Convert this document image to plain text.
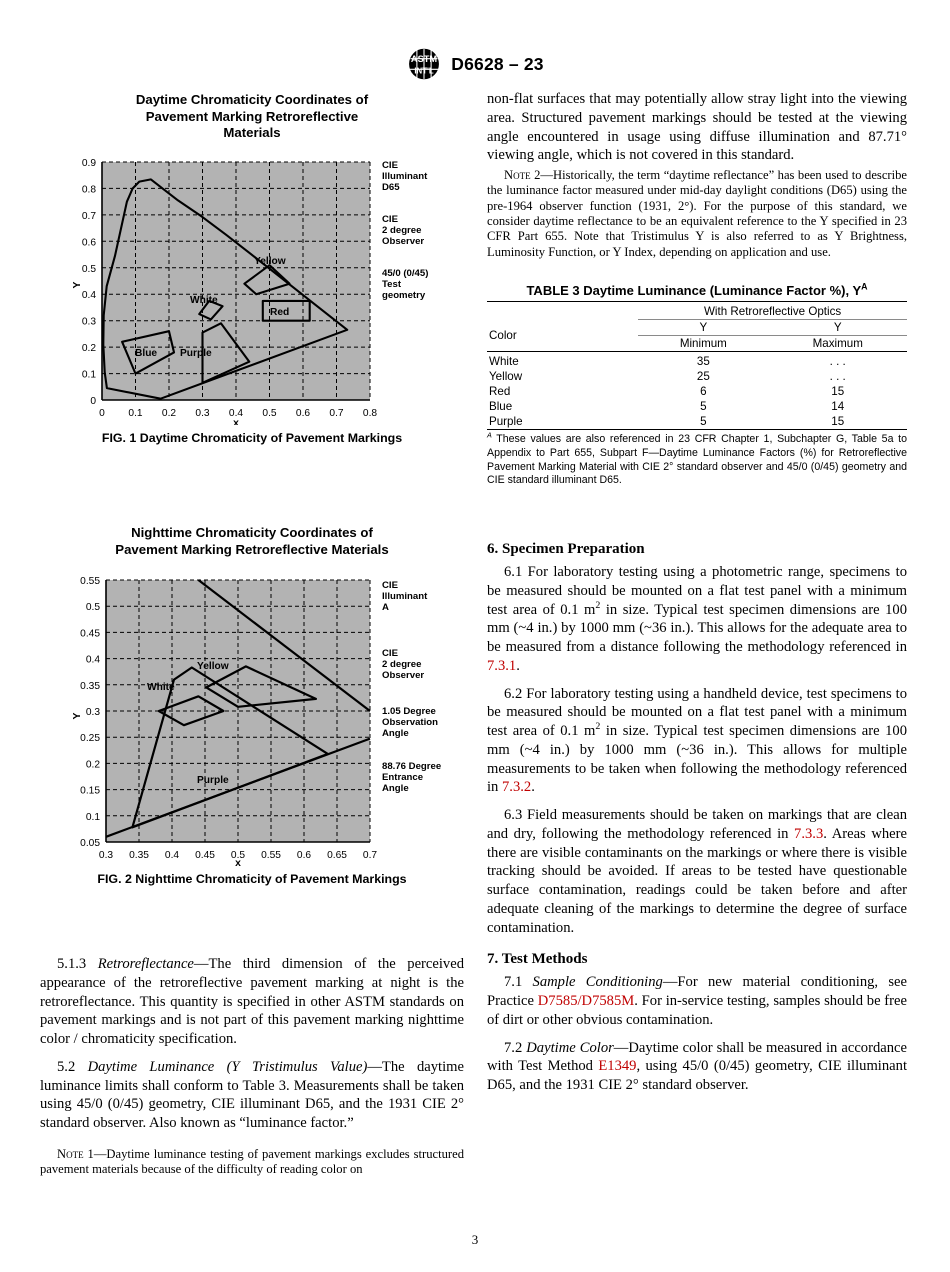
ASTM
INT'L D6628 – 23
Daytime Chromaticity Coordinates of
Pavement Marking Retroreflective
Materials
Yellow
White
Red
Blue Purple
0.9
0.8
0.7
0.6
0.5
0.4
0.3
0.2
0.1
0
0 0.1 0.2 0.3 0.4 0.5 0.6 0.7 0.8
Y
x
CIE
Illuminant
D65
CIE
2 degree
Observer
45/0 (0/45)
Test
geometry
FIG. 1 Daytime Chromaticity of Pavement Markings
Nighttime Chromaticity Coordinates of
Pavement Marking Retroreflective Materials
Yellow
White
Purple
0.55
0.5
0.45
0.4
0.35
0.3
0.25
0.2
0.15
0.1
0.05
0.3 0.35 0.4 0.45 0.5 0.55 0.6 0.65 0.7
Y
x
CIE
Illuminant
A
CIE
2 degree
Observer
1.05 Degree
Observation
Angle
88.76 Degree
Entrance
Angle
FIG. 2 Nighttime Chromaticity of Pavement Markings

5.1.3 Retroreflectance—The third dimension of the perceived appearance of the retroreflective pavement marking at night is the retroreflectance. This quantity is specified in other ASTM standards on pavement markings and is not part of this pavement marking nighttime color / chromaticity specification.

5.2 Daytime Luminance (Y Tristimulus Value)—The daytime luminance limits shall conform to Table 3. Measurements shall be taken using 45/0 (0/45) geometry, CIE illuminant D65, and the 1931 CIE 2° standard observer. Also known as “luminance factor.”

Note 1—Daytime luminance testing of pavement markings excludes structured pavement materials because of the difficulty of reading color on

non-flat surfaces that may potentially allow stray light into the viewing area. Structured pavement markings should be tested at the viewing angle encountered in usage using diffuse illumination and 87.71° viewing angle, which is not covered in this standard.

Note 2—Historically, the term “daytime reflectance” has been used to describe the luminance factor measured under mid-day daylight conditions (D65) using the pre-1964 observer function (1931, 2°). For the purpose of this standard, we consider daytime reflectance to be an equivalent reference to the Y specified in 23 CFR Part 655. Note that Tristimulus Y is also referred to as Y Brightness, Luminosity Function, or Y Index, depending on application and use.

TABLE 3 Daytime Luminance (Luminance Factor %), $Y^A$
	With Retroreflective Optics	
Color	Y	Y
	Minimum	Maximum
White	35	. . .
Yellow	25	. . .
Red	6	15
Blue	5	14
Purple	5	15

$^A$ These values are also referenced in 23 CFR Chapter 1, Subchapter G, Table 5a to Appendix to Part 655, Subpart F—Daytime Luminance Factors (%) for Retroreflective Pavement Marking Material with CIE 2° standard observer and 45/0 (0/45) geometry and CIE standard illuminant D65.

6. Specimen Preparation

6.1 For laboratory testing using a photometric range, specimens to be measured should be mounted on a flat test panel with a minimum test area of 0.1 $m^2$ in size. Typical test specimen dimensions are 100 mm (~4 in.) by 1000 mm (~36 in.). This allows for the adequate area to be measured from a distance following the methodology referenced in 7.3.1.

6.2 For laboratory testing using a handheld device, test specimens to be measured should be mounted on a flat test panel with a minimum test area of 0.1 $m^2$ in size. Typical test specimen dimensions are 100 mm (~4 in.) by 1000 mm (~36 in.). This allows for multiple measurements to be taken when following the methodology referenced in 7.3.2.

6.3 Field measurements should be taken on markings that are clean and dry, following the methodology referenced in 7.3.3. Areas where there are visible contaminants on the markings or where there is visible tracking should be avoided. If areas to be tested have questionable surface contamination, readings could be taken before and after adequate cleaning of the markings to determine the degree of surface contamination.

7. Test Methods

7.1 Sample Conditioning—For new material conditioning, see Practice D7585/D7585M. For in-service testing, samples should be free of dirt or other obvious contamination.

7.2 Daytime Color—Daytime color shall be measured in accordance with Test Method E1349, using 45/0 (0/45) geometry, CIE illuminant D65, and the 1931 CIE 2° standard observer.

3
